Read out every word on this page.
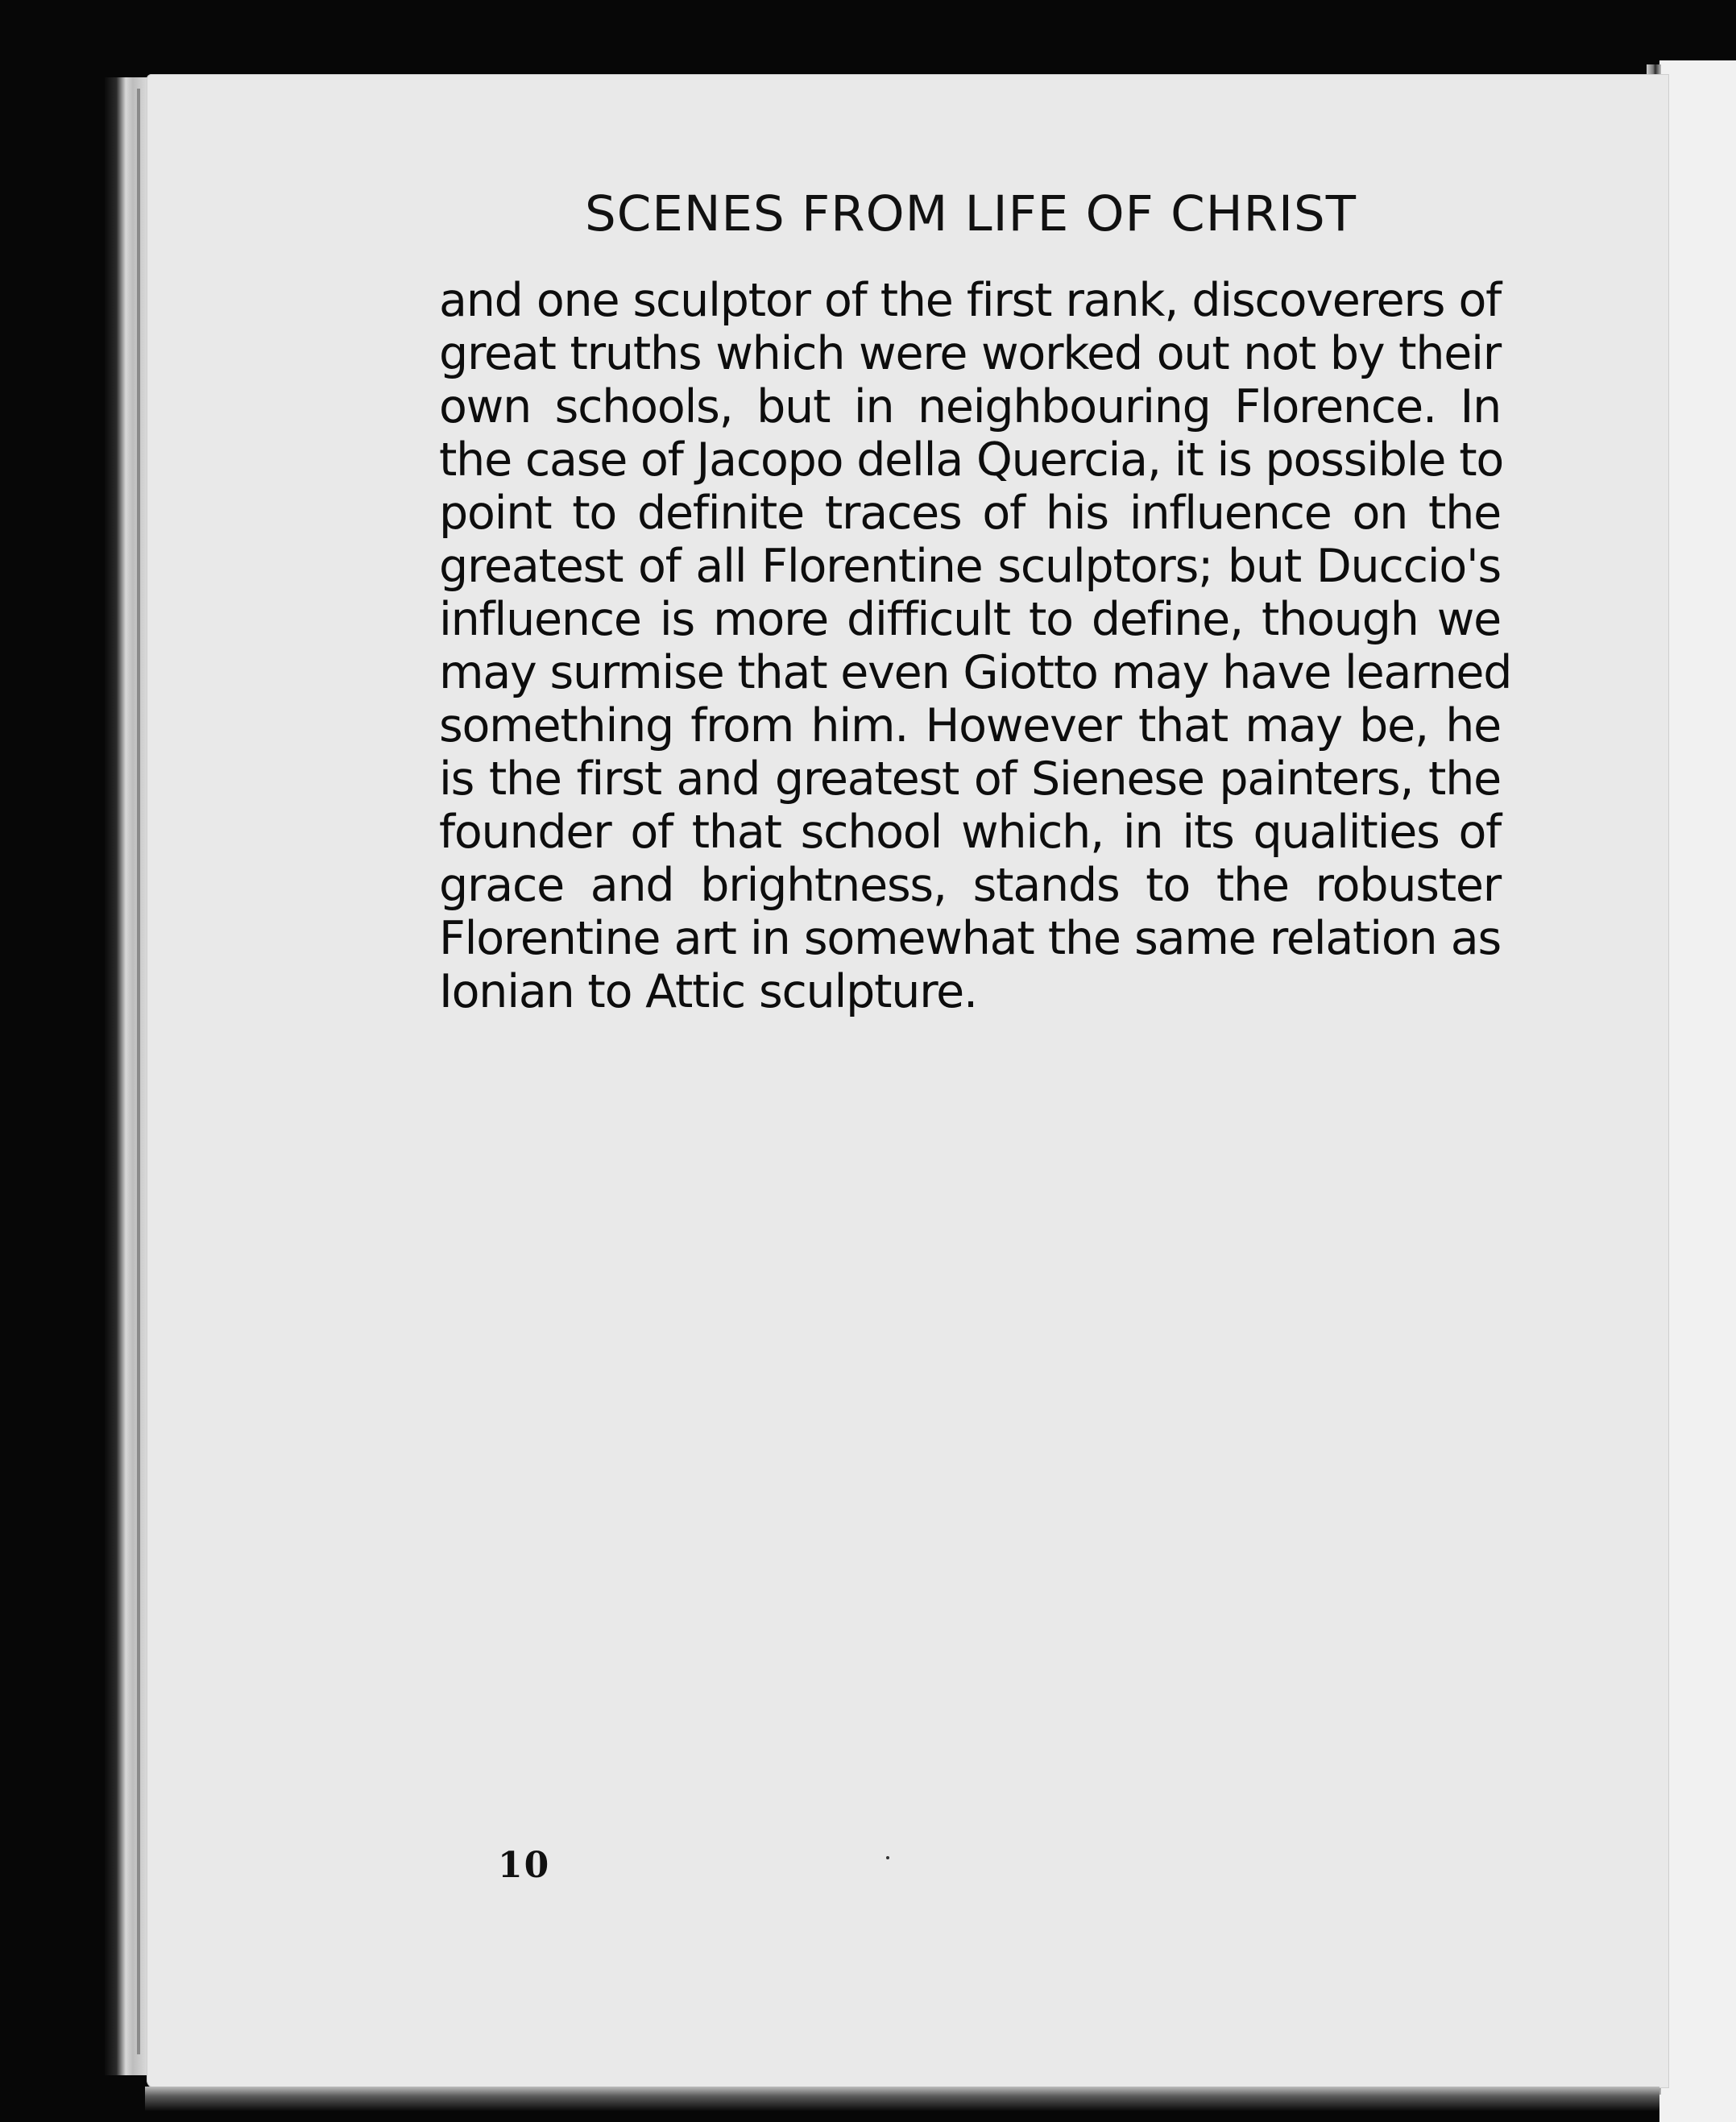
SCENES FROM LIFE OF CHRIST
and one sculptor of the first rank, discoverers of
great truths which were worked out not by their
own schools, but in neighbouring Florence. In
the case of Jacopo della Quercia, it is possible to
point to definite traces of his influence on the
greatest of all Florentine sculptors; but Duccio's
influence is more difficult to define, though we
may surmise that even Giotto may have learned
something from him. However that may be, he
is the first and greatest of Sienese painters, the
founder of that school which, in its qualities of
grace and brightness, stands to the robuster
Florentine art in somewhat the same relation as
Ionian to Attic sculpture.
10
